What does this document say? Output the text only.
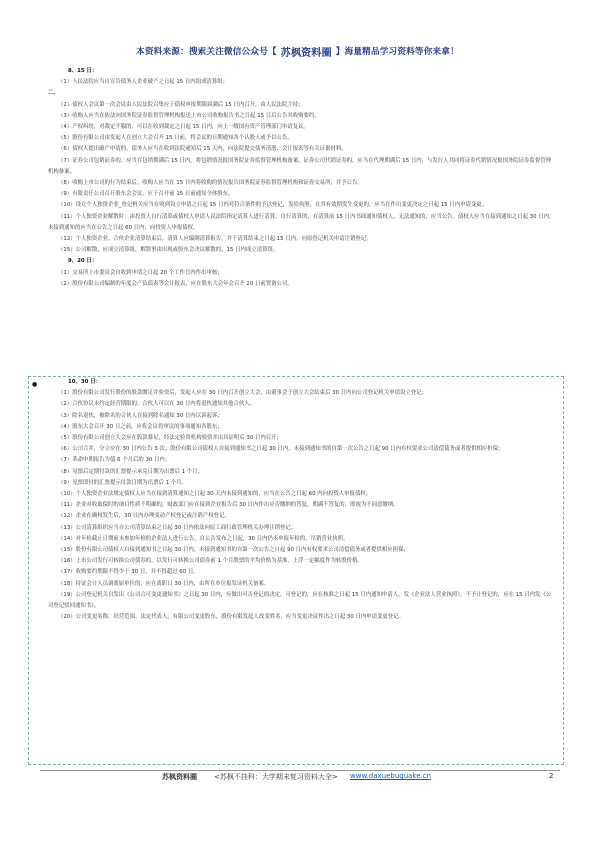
本资料来源：搜索关注微信公众号【 苏枫资料圈 】海量精品学习资料等你来拿！
8、15 日：
（1）人民法院应当自宣告债务人企业破产之日起 15 日内组成清算组；
二、
（2）债权人会议第一次会议由人民法院召集应于债权申报期限届满后 15 日内召开，由人民法院主持；
（3）收购人应当在依法向国务院证券监督管理机构报送上市公司收购报告书之日起 15 日后公告其收购要约。
（4）产权纠纷，对裁定不服的，可以在收到裁定之日起 15 日内，向上一级国有资产管理部门申请复议。
（5）股份有限公司由发起人在创立大会召开 15 日前，将会议的日期通知各个认股人或予以公告。
（6）债权人提出破产申请的，债务人应当在收到法院通知后 15 天内，向法院提交债务清册、会计报表等有关证据材料。
（7）证券公司包销证券的，应当在包销期满后 15 日内，将包销情况报国务院证券监督管理机构备案。证券公司代销证券的，应当在代理期满后 15 日内，与发行人共同将证券代销情况报国务院证券监督管理机构备案。
（8）收购上市公司的行为结束后，收购人应当在 15 日内将收购的情况报告国务院证券监督管理机构和证券交易所，并予公告。
（9）有限责任公司召开股东会会议，应于召开前 15 日前通知全体股东。
（10）设立个人独资企业_登记机关应当在收到设立申请之日起 15 日内对符合条件的予以登记，发给执照，在其有效期发生变更的，应当在作出变更决定之日起 15 日内申请变更。
（11）个人独资企业解散时：由投资人自行清算或债权人申请人民法院指定清算人进行清算。自行清算的，在清算前 15 日内书面通知债权人，无法通知的，应当公告。债权人应当在接到通知之日起 30 日内，未接到通知的应当在公告之日起 60 日内，向投资人申报债权。
（12）个人独资企业，合伙企业清算结束后，清算人应编制清算报告，并于清算结束之日起 15 日内，向原登记机关申请注销登记。
（15）公司解散，应成立清算组，解散事由出现或股东会决议解散的，15 日内成立清算组。
9、20 日：
（1）交易所上市委员会自收到申请之日起 20 个工作日内作出审核；
（2）股份有限公司编制的年度会产负债表等会计报表，应在股东大会年会召开 20 日前置备公司。
●	10、30 日：
（1）股份有限公司发行股份的股款缴足并验资后，发起人应在 30 日内召开创立大会，由董事会于创立大会结束后 30 日内向公司登记机关申请设立登记；
（2）合伙协议未约定经营期限的，合伙人可以在 30 日内将退伙通知其他合伙人。
（3）除名退伙，被除名的合伙人在接到除名通知 30 日内以诉起诉；
（4）股东大会召开 30 日之前，应将会议将审议的事项通知各股东；
（5）股份有限公司创立大会应在股款募足，经法定验资机构验资并出具证明后 30 日内召开；
（6）公司合并，分立应在 30 日内公告 3 次；股份有限公司债权人自接到通知书之日起 30 日内，未接到通知书的自第一次公告之日起 90 日内有权要求公司清偿债务或者提供相应担保；
（7）革命申期报告为债 6 个月后的 30 日内；
（8）见票后定期付款的汇票提示承兑日期为出票后 1 个月；
（9）见票即付的汇票提示付款日期为出票后 1 个月。
（10）个人独资企业法规定债权人应当在接到清算通知之日起 30 天内未接到通知的，应当在公告之日起 60 内向投资人申报债权；
（11）企业对收取保时的项目性质不明确的，财政部门应在接到企业报告后 30 日内作出应否缴纳的答复，期满不答复的，即视为不同意缴纳。
（12）企业在确权发生后，30 日内办理变动产权登记或注销产权登记。
（13）公司清算组织应当自公司清算结束之日起 30 日内依法向原工商行政管理机关办理注销登记；
（14）对年检截止日期前未参加年检的企业法人进行公告，自公告发布之日起，30 日内仍未申报年检的，吊销营业执照。
（15）股份有限公司债权人自接到通知书之日起 30 日内，未接到通知书的自第一次公告之日起 90 日内有权要求公司清偿债务或者提供相应担保；
（16）上市公司发行可转换公司债券的，以发行可转换公司债券前 1 个月股票的平均价格为基准，上浮一定幅度作为转股价格。
（17）收购要约期限不得少于 30 日，并不得超过 60 日。
（18）持证会计人员调离原单位的，应在离职日 30 日内，由所在单位报发证机关备案。
（19）公司登记机关自发出《公司合可变更通知书》之日起 30 日内，应做出可否登记的决定，可登记的，应在核准之日起 15 日内通知申请人，发《企业法人营业执照》，不予计登记的，应在 15 日内发《公司登记驳回通知书》。
（20）公司变更名称、经营范围、法定代表人，有限公司变更股东，股份有限发起人改变姓名，应当变更决议作出之日起 30 日内申请变更登记。
苏枫资料圈 <苏枫不挂科：大学期末复习资料大全> www.daxuebuguake.cn	2
